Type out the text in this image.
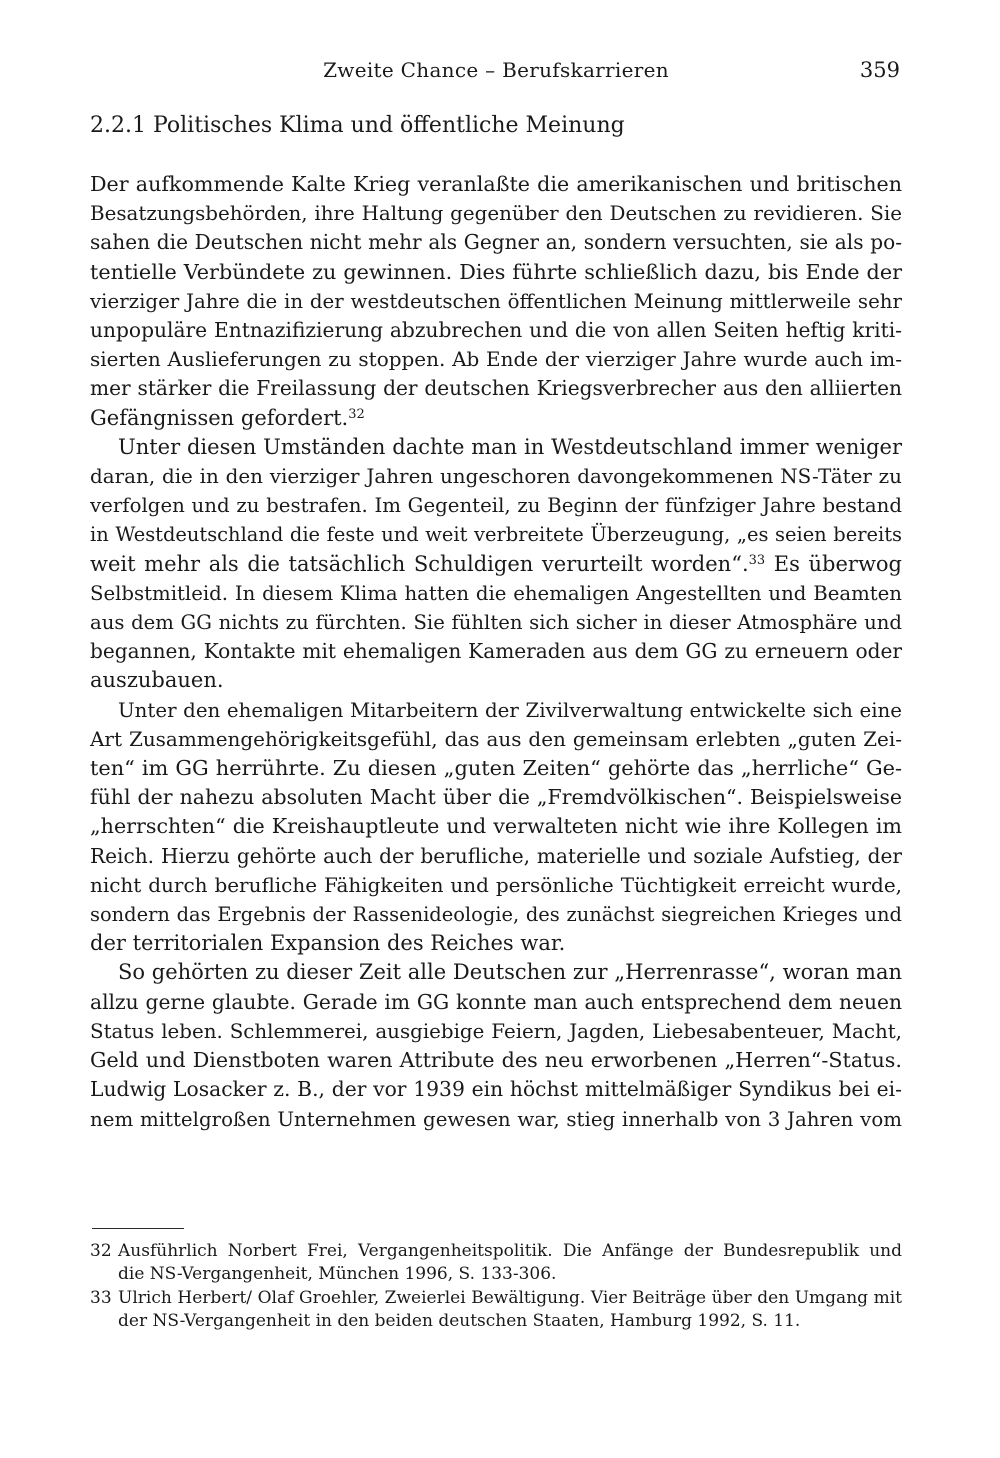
Zweite Chance – Berufskarrieren	359
2.2.1 Politisches Klima und öffentliche Meinung

Der aufkommende Kalte Krieg veranlaßte die amerikanischen und britischen
Besatzungsbehörden, ihre Haltung gegenüber den Deutschen zu revidieren. Sie
sahen die Deutschen nicht mehr als Gegner an, sondern versuchten, sie als po-
tentielle Verbündete zu gewinnen. Dies führte schließlich dazu, bis Ende der
vierziger Jahre die in der westdeutschen öffentlichen Meinung mittlerweile sehr
unpopuläre Entnazifizierung abzubrechen und die von allen Seiten heftig kriti-
sierten Auslieferungen zu stoppen. Ab Ende der vierziger Jahre wurde auch im-
mer stärker die Freilassung der deutschen Kriegsverbrecher aus den alliierten
Gefängnissen gefordert.$^{32}$

Unter diesen Umständen dachte man in Westdeutschland immer weniger
daran, die in den vierziger Jahren ungeschoren davongekommenen NS-Täter zu
verfolgen und zu bestrafen. Im Gegenteil, zu Beginn der fünfziger Jahre bestand
in Westdeutschland die feste und weit verbreitete Überzeugung, „es seien bereits
weit mehr als die tatsächlich Schuldigen verurteilt worden“.$^{33}$ Es überwog
Selbstmitleid. In diesem Klima hatten die ehemaligen Angestellten und Beamten
aus dem GG nichts zu fürchten. Sie fühlten sich sicher in dieser Atmosphäre und
begannen, Kontakte mit ehemaligen Kameraden aus dem GG zu erneuern oder
auszubauen.

Unter den ehemaligen Mitarbeitern der Zivilverwaltung entwickelte sich eine
Art Zusammengehörigkeitsgefühl, das aus den gemeinsam erlebten „guten Zei-
ten“ im GG herrührte. Zu diesen „guten Zeiten“ gehörte das „herrliche“ Ge-
fühl der nahezu absoluten Macht über die „Fremdvölkischen“. Beispielsweise
„herrschten“ die Kreishauptleute und verwalteten nicht wie ihre Kollegen im
Reich. Hierzu gehörte auch der berufliche, materielle und soziale Aufstieg, der
nicht durch berufliche Fähigkeiten und persönliche Tüchtigkeit erreicht wurde,
sondern das Ergebnis der Rassenideologie, des zunächst siegreichen Krieges und
der territorialen Expansion des Reiches war.

So gehörten zu dieser Zeit alle Deutschen zur „Herrenrasse“, woran man
allzu gerne glaubte. Gerade im GG konnte man auch entsprechend dem neuen
Status leben. Schlemmerei, ausgiebige Feiern, Jagden, Liebesabenteuer, Macht,
Geld und Dienstboten waren Attribute des neu erworbenen „Herren“-Status.
Ludwig Losacker z. B., der vor 1939 ein höchst mittelmäßiger Syndikus bei ei-
nem mittelgroßen Unternehmen gewesen war, stieg innerhalb von 3 Jahren vom

32 Ausführlich Norbert Frei, Vergangenheitspolitik. Die Anfänge der Bundesrepublik und
die NS-Vergangenheit, München 1996, S. 133-306.
33 Ulrich Herbert/ Olaf Groehler, Zweierlei Bewältigung. Vier Beiträge über den Umgang mit
der NS-Vergangenheit in den beiden deutschen Staaten, Hamburg 1992, S. 11.
